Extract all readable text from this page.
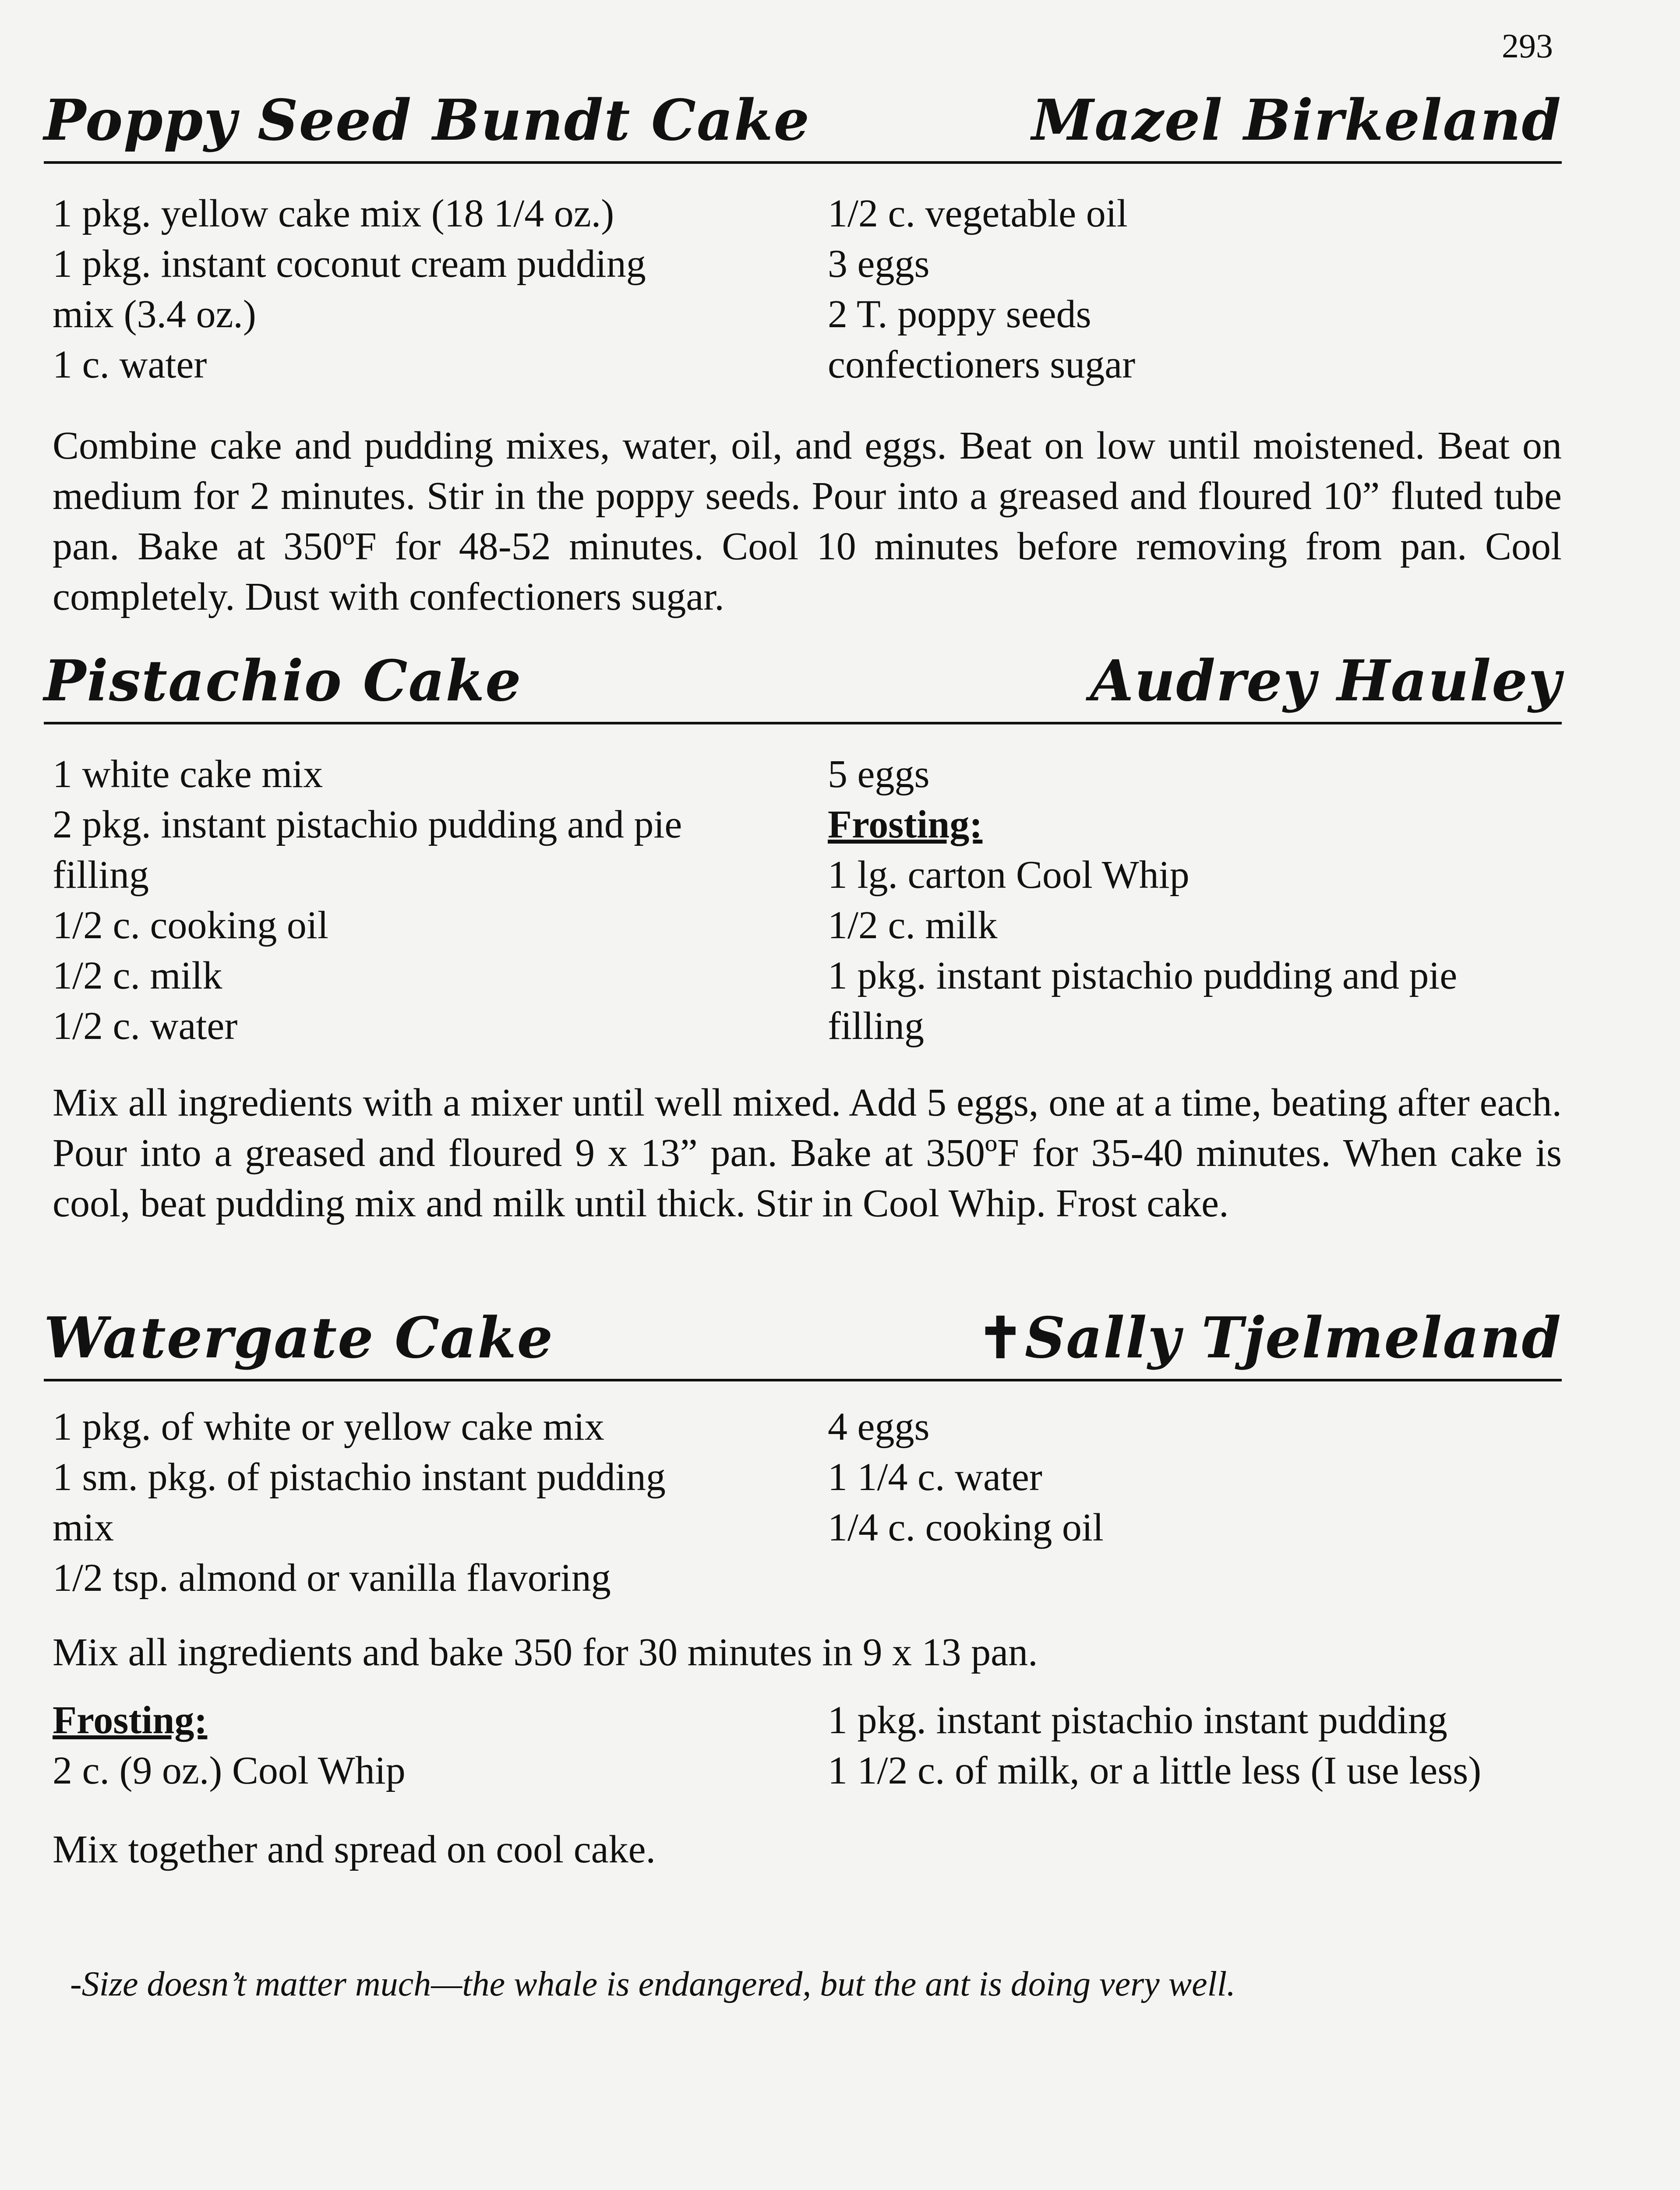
293
Poppy Seed Bundt Cake	Mazel Birkeland
1 pkg. yellow cake mix (18 1/4 oz.)
1 pkg. instant coconut cream pudding
mix (3.4 oz.)
1 c. water
1/2 c. vegetable oil
3 eggs
2 T. poppy seeds
confectioners sugar
Combine cake and pudding mixes, water, oil, and eggs. Beat on low until moistened. Beat on medium for 2 minutes. Stir in the poppy seeds. Pour into a greased and floured 10” fluted tube pan. Bake at 350ºF for 48-52 minutes. Cool 10 minutes before removing from pan. Cool completely. Dust with confectioners sugar.
Pistachio Cake	Audrey Hauley
1 white cake mix
2 pkg. instant pistachio pudding and pie
filling
1/2 c. cooking oil
1/2 c. milk
1/2 c. water
5 eggs
Frosting:
1 lg. carton Cool Whip
1/2 c. milk
1 pkg. instant pistachio pudding and pie
filling
Mix all ingredients with a mixer until well mixed. Add 5 eggs, one at a time, beating after each. Pour into a greased and floured 9 x 13” pan. Bake at 350ºF for 35-40 minutes. When cake is cool, beat pudding mix and milk until thick. Stir in Cool Whip. Frost cake.
Watergate Cake	✝Sally Tjelmeland
1 pkg. of white or yellow cake mix
1 sm. pkg. of pistachio instant pudding
mix
1/2 tsp. almond or vanilla flavoring
4 eggs
1 1/4 c. water
1/4 c. cooking oil
Mix all ingredients and bake 350 for 30 minutes in 9 x 13 pan.
Frosting:
2 c. (9 oz.) Cool Whip
1 pkg. instant pistachio instant pudding
1 1/2 c. of milk, or a little less (I use less)
Mix together and spread on cool cake.
-Size doesn’t matter much—the whale is endangered, but the ant is doing very well.
